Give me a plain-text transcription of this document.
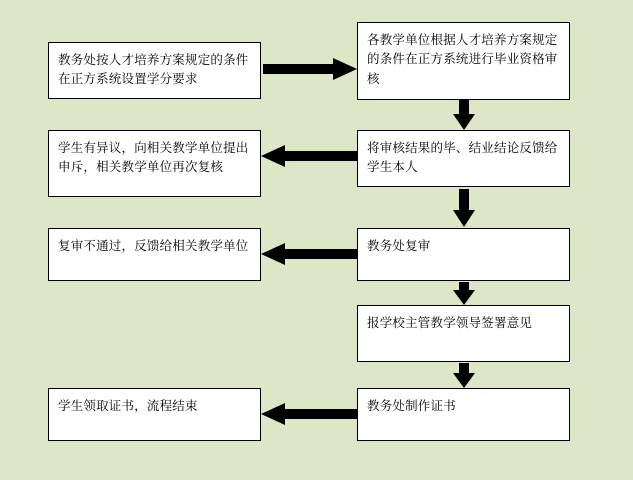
教务处按人才培养方案规定的条件在正方系统设置学分要求
各教学单位根据人才培养方案规定的条件在正方系统进行毕业资格审核
学生有异议，向相关教学单位提出申斥，相关教学单位再次复核
将审核结果的毕、结业结论反馈给学生本人
复审不通过，反馈给相关教学单位	教务处复审
报学校主管教学领导签署意见
学生领取证书，流程结束	教务处制作证书
